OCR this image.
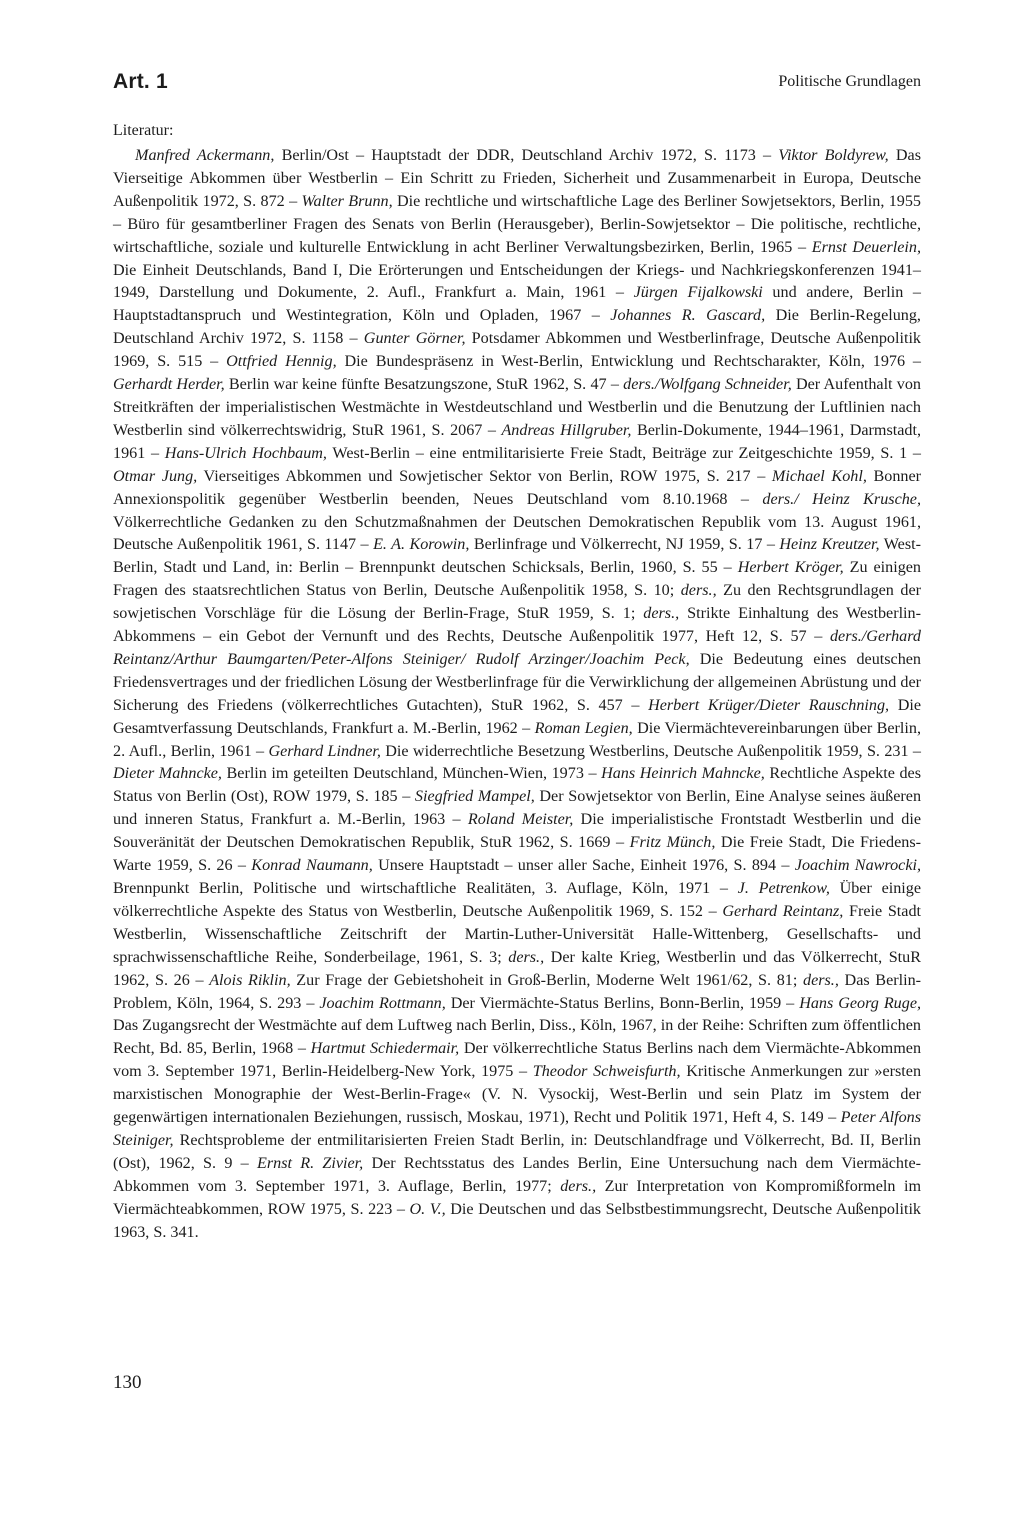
Art. 1	Politische Grundlagen
Literatur:

Manfred Ackermann, Berlin/Ost – Hauptstadt der DDR, Deutschland Archiv 1972, S. 1173 – Viktor Boldyrew, Das Vierseitige Abkommen über Westberlin – Ein Schritt zu Frieden, Sicherheit und Zusammenarbeit in Europa, Deutsche Außenpolitik 1972, S. 872 – Walter Brunn, Die rechtliche und wirtschaftliche Lage des Berliner Sowjetsektors, Berlin, 1955 – Büro für gesamtberliner Fragen des Senats von Berlin (Herausgeber), Berlin-Sowjetsektor – Die politische, rechtliche, wirtschaftliche, soziale und kulturelle Entwicklung in acht Berliner Verwaltungsbezirken, Berlin, 1965 – Ernst Deuerlein, Die Einheit Deutschlands, Band I, Die Erörterungen und Entscheidungen der Kriegs- und Nachkriegskonferenzen 1941–1949, Darstellung und Dokumente, 2. Aufl., Frankfurt a. Main, 1961 – Jürgen Fijalkowski und andere, Berlin – Hauptstadtanspruch und Westintegration, Köln und Opladen, 1967 – Johannes R. Gascard, Die Berlin-Regelung, Deutschland Archiv 1972, S. 1158 – Gunter Görner, Potsdamer Abkommen und Westberlinfrage, Deutsche Außenpolitik 1969, S. 515 – Ottfried Hennig, Die Bundespräsenz in West-Berlin, Entwicklung und Rechtscharakter, Köln, 1976 – Gerhardt Herder, Berlin war keine fünfte Besatzungszone, StuR 1962, S. 47 – ders./Wolfgang Schneider, Der Aufenthalt von Streitkräften der imperialistischen Westmächte in Westdeutschland und Westberlin und die Benutzung der Luftlinien nach Westberlin sind völkerrechtswidrig, StuR 1961, S. 2067 – Andreas Hillgruber, Berlin-Dokumente, 1944–1961, Darmstadt, 1961 – Hans-Ulrich Hochbaum, West-Berlin – eine entmilitarisierte Freie Stadt, Beiträge zur Zeitgeschichte 1959, S. 1 – Otmar Jung, Vierseitiges Abkommen und Sowjetischer Sektor von Berlin, ROW 1975, S. 217 – Michael Kohl, Bonner Annexionspolitik gegenüber Westberlin beenden, Neues Deutschland vom 8.10.1968 – ders./ Heinz Krusche, Völkerrechtliche Gedanken zu den Schutzmaßnahmen der Deutschen Demokratischen Republik vom 13. August 1961, Deutsche Außenpolitik 1961, S. 1147 – E. A. Korowin, Berlinfrage und Völkerrecht, NJ 1959, S. 17 – Heinz Kreutzer, West-Berlin, Stadt und Land, in: Berlin – Brennpunkt deutschen Schicksals, Berlin, 1960, S. 55 – Herbert Kröger, Zu einigen Fragen des staatsrechtlichen Status von Berlin, Deutsche Außenpolitik 1958, S. 10; ders., Zu den Rechtsgrundlagen der sowjetischen Vorschläge für die Lösung der Berlin-Frage, StuR 1959, S. 1; ders., Strikte Einhaltung des Westberlin-Abkommens – ein Gebot der Vernunft und des Rechts, Deutsche Außenpolitik 1977, Heft 12, S. 57 – ders./Gerhard Reintanz/Arthur Baumgarten/Peter-Alfons Steiniger/ Rudolf Arzinger/Joachim Peck, Die Bedeutung eines deutschen Friedensvertrages und der friedlichen Lösung der Westberlinfrage für die Verwirklichung der allgemeinen Abrüstung und der Sicherung des Friedens (völkerrechtliches Gutachten), StuR 1962, S. 457 – Herbert Krüger/Dieter Rauschning, Die Gesamtverfassung Deutschlands, Frankfurt a. M.-Berlin, 1962 – Roman Legien, Die Viermächtevereinbarungen über Berlin, 2. Aufl., Berlin, 1961 – Gerhard Lindner, Die widerrechtliche Besetzung Westberlins, Deutsche Außenpolitik 1959, S. 231 – Dieter Mahncke, Berlin im geteilten Deutschland, München-Wien, 1973 – Hans Heinrich Mahncke, Rechtliche Aspekte des Status von Berlin (Ost), ROW 1979, S. 185 – Siegfried Mampel, Der Sowjetsektor von Berlin, Eine Analyse seines äußeren und inneren Status, Frankfurt a. M.-Berlin, 1963 – Roland Meister, Die imperialistische Frontstadt Westberlin und die Souveränität der Deutschen Demokratischen Republik, StuR 1962, S. 1669 – Fritz Münch, Die Freie Stadt, Die Friedens-Warte 1959, S. 26 – Konrad Naumann, Unsere Hauptstadt – unser aller Sache, Einheit 1976, S. 894 – Joachim Nawrocki, Brennpunkt Berlin, Politische und wirtschaftliche Realitäten, 3. Auflage, Köln, 1971 – J. Petrenkow, Über einige völkerrechtliche Aspekte des Status von Westberlin, Deutsche Außenpolitik 1969, S. 152 – Gerhard Reintanz, Freie Stadt Westberlin, Wissenschaftliche Zeitschrift der Martin-Luther-Universität Halle-Wittenberg, Gesellschafts- und sprachwissenschaftliche Reihe, Sonderbeilage, 1961, S. 3; ders., Der kalte Krieg, Westberlin und das Völkerrecht, StuR 1962, S. 26 – Alois Riklin, Zur Frage der Gebietshoheit in Groß-Berlin, Moderne Welt 1961/62, S. 81; ders., Das Berlin-Problem, Köln, 1964, S. 293 – Joachim Rottmann, Der Viermächte-Status Berlins, Bonn-Berlin, 1959 – Hans Georg Ruge, Das Zugangsrecht der Westmächte auf dem Luftweg nach Berlin, Diss., Köln, 1967, in der Reihe: Schriften zum öffentlichen Recht, Bd. 85, Berlin, 1968 – Hartmut Schiedermair, Der völkerrechtliche Status Berlins nach dem Viermächte-Abkommen vom 3. September 1971, Berlin-Heidelberg-New York, 1975 – Theodor Schweisfurth, Kritische Anmerkungen zur »ersten marxistischen Monographie der West-Berlin-Frage« (V. N. Vysockij, West-Berlin und sein Platz im System der gegenwärtigen internationalen Beziehungen, russisch, Moskau, 1971), Recht und Politik 1971, Heft 4, S. 149 – Peter Alfons Steiniger, Rechtsprobleme der entmilitarisierten Freien Stadt Berlin, in: Deutschlandfrage und Völkerrecht, Bd. II, Berlin (Ost), 1962, S. 9 – Ernst R. Zivier, Der Rechtsstatus des Landes Berlin, Eine Untersuchung nach dem Viermächte-Abkommen vom 3. September 1971, 3. Auflage, Berlin, 1977; ders., Zur Interpretation von Kompromißformeln im Viermächteabkommen, ROW 1975, S. 223 – O. V., Die Deutschen und das Selbstbestimmungsrecht, Deutsche Außenpolitik 1963, S. 341.

130
